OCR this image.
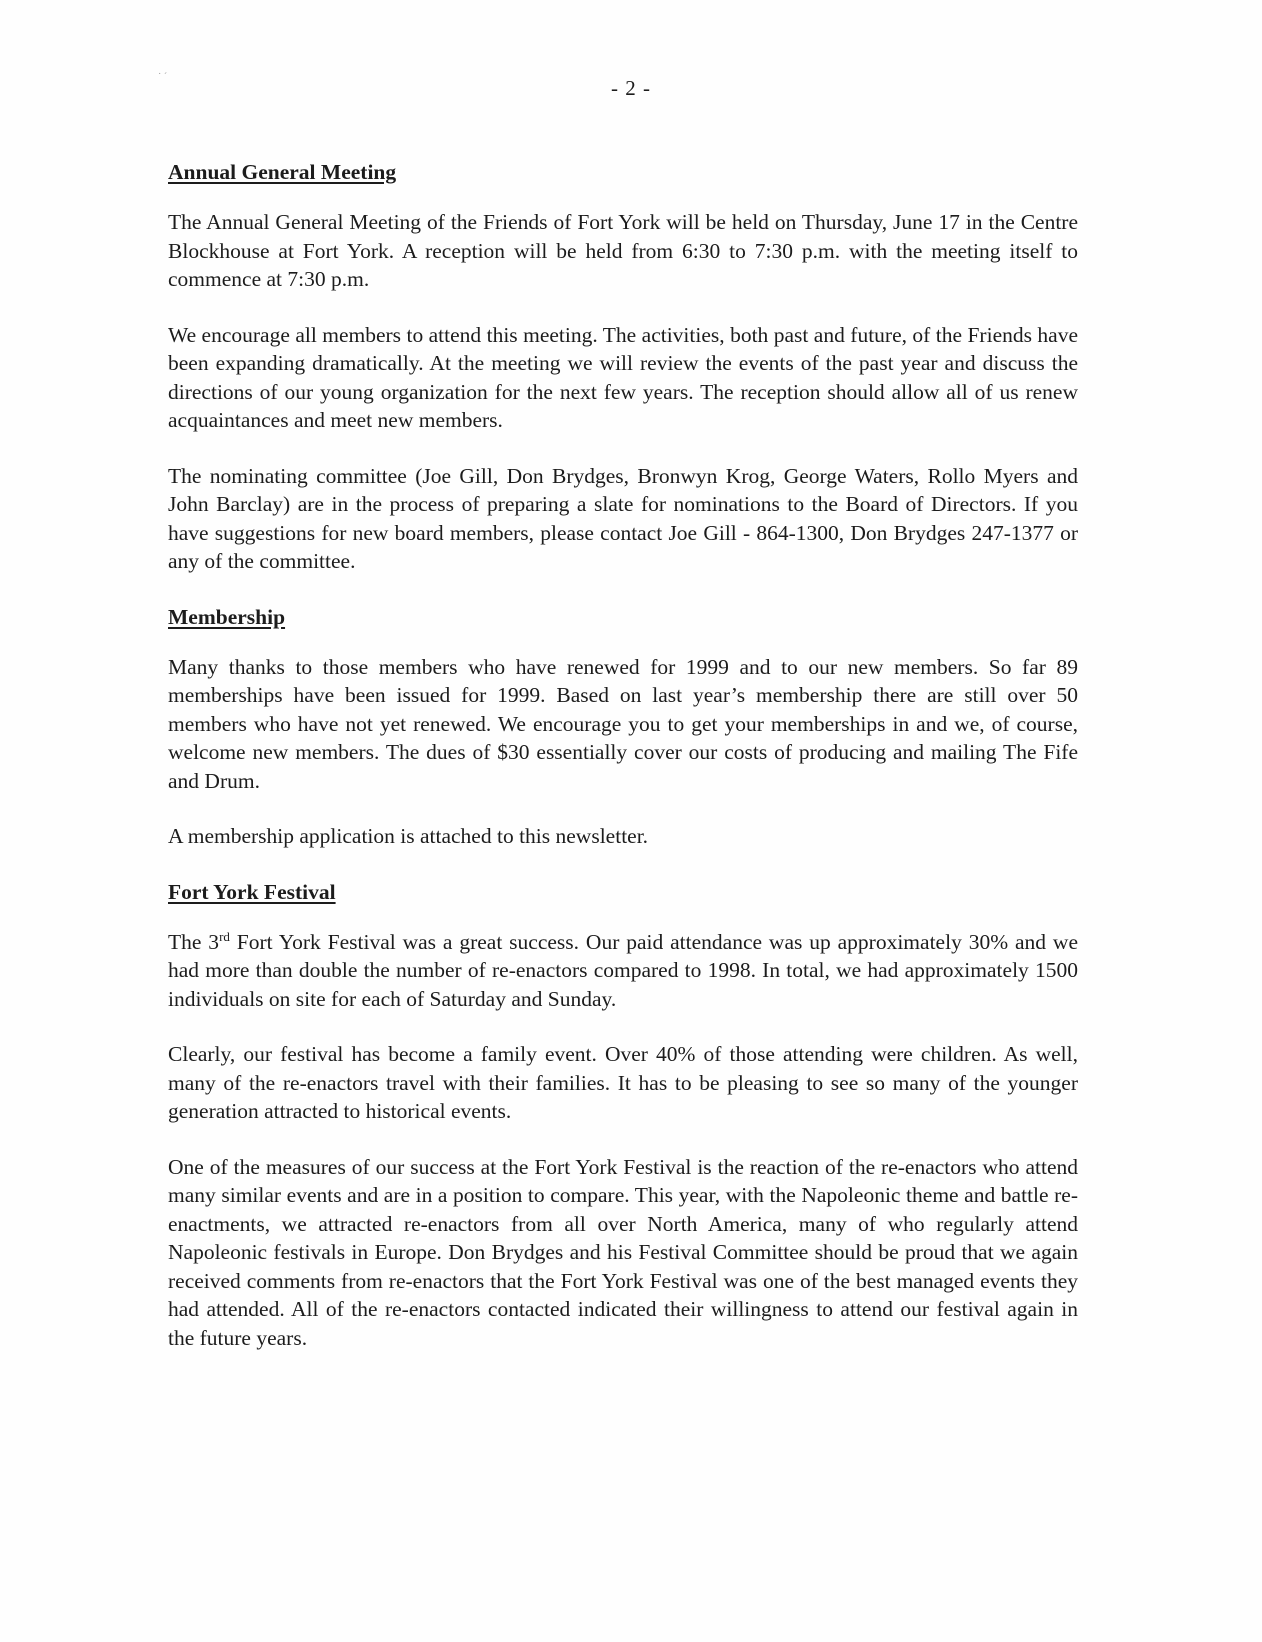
˙ ˊ	- 2 -
Annual General Meeting

The Annual General Meeting of the Friends of Fort York will be held on Thursday, June 17 in the Centre Blockhouse at Fort York. A reception will be held from 6:30 to 7:30 p.m. with the meeting itself to commence at 7:30 p.m.

We encourage all members to attend this meeting. The activities, both past and future, of the Friends have been expanding dramatically. At the meeting we will review the events of the past year and discuss the directions of our young organization for the next few years. The reception should allow all of us renew acquaintances and meet new members.

The nominating committee (Joe Gill, Don Brydges, Bronwyn Krog, George Waters, Rollo Myers and John Barclay) are in the process of preparing a slate for nominations to the Board of Directors. If you have suggestions for new board members, please contact Joe Gill - 864-1300, Don Brydges 247-1377 or any of the committee.

Membership

Many thanks to those members who have renewed for 1999 and to our new members. So far 89 memberships have been issued for 1999. Based on last year’s membership there are still over 50 members who have not yet renewed. We encourage you to get your memberships in and we, of course, welcome new members. The dues of $30 essentially cover our costs of producing and mailing The Fife and Drum.

A membership application is attached to this newsletter.

Fort York Festival

The 3rd Fort York Festival was a great success. Our paid attendance was up approximately 30% and we had more than double the number of re-enactors compared to 1998. In total, we had approximately 1500 individuals on site for each of Saturday and Sunday.

Clearly, our festival has become a family event. Over 40% of those attending were children. As well, many of the re-enactors travel with their families. It has to be pleasing to see so many of the younger generation attracted to historical events.

One of the measures of our success at the Fort York Festival is the reaction of the re-enactors who attend many similar events and are in a position to compare. This year, with the Napoleonic theme and battle re-enactments, we attracted re-enactors from all over North America, many of who regularly attend Napoleonic festivals in Europe. Don Brydges and his Festival Committee should be proud that we again received comments from re-enactors that the Fort York Festival was one of the best managed events they had attended. All of the re-enactors contacted indicated their willingness to attend our festival again in the future years.
